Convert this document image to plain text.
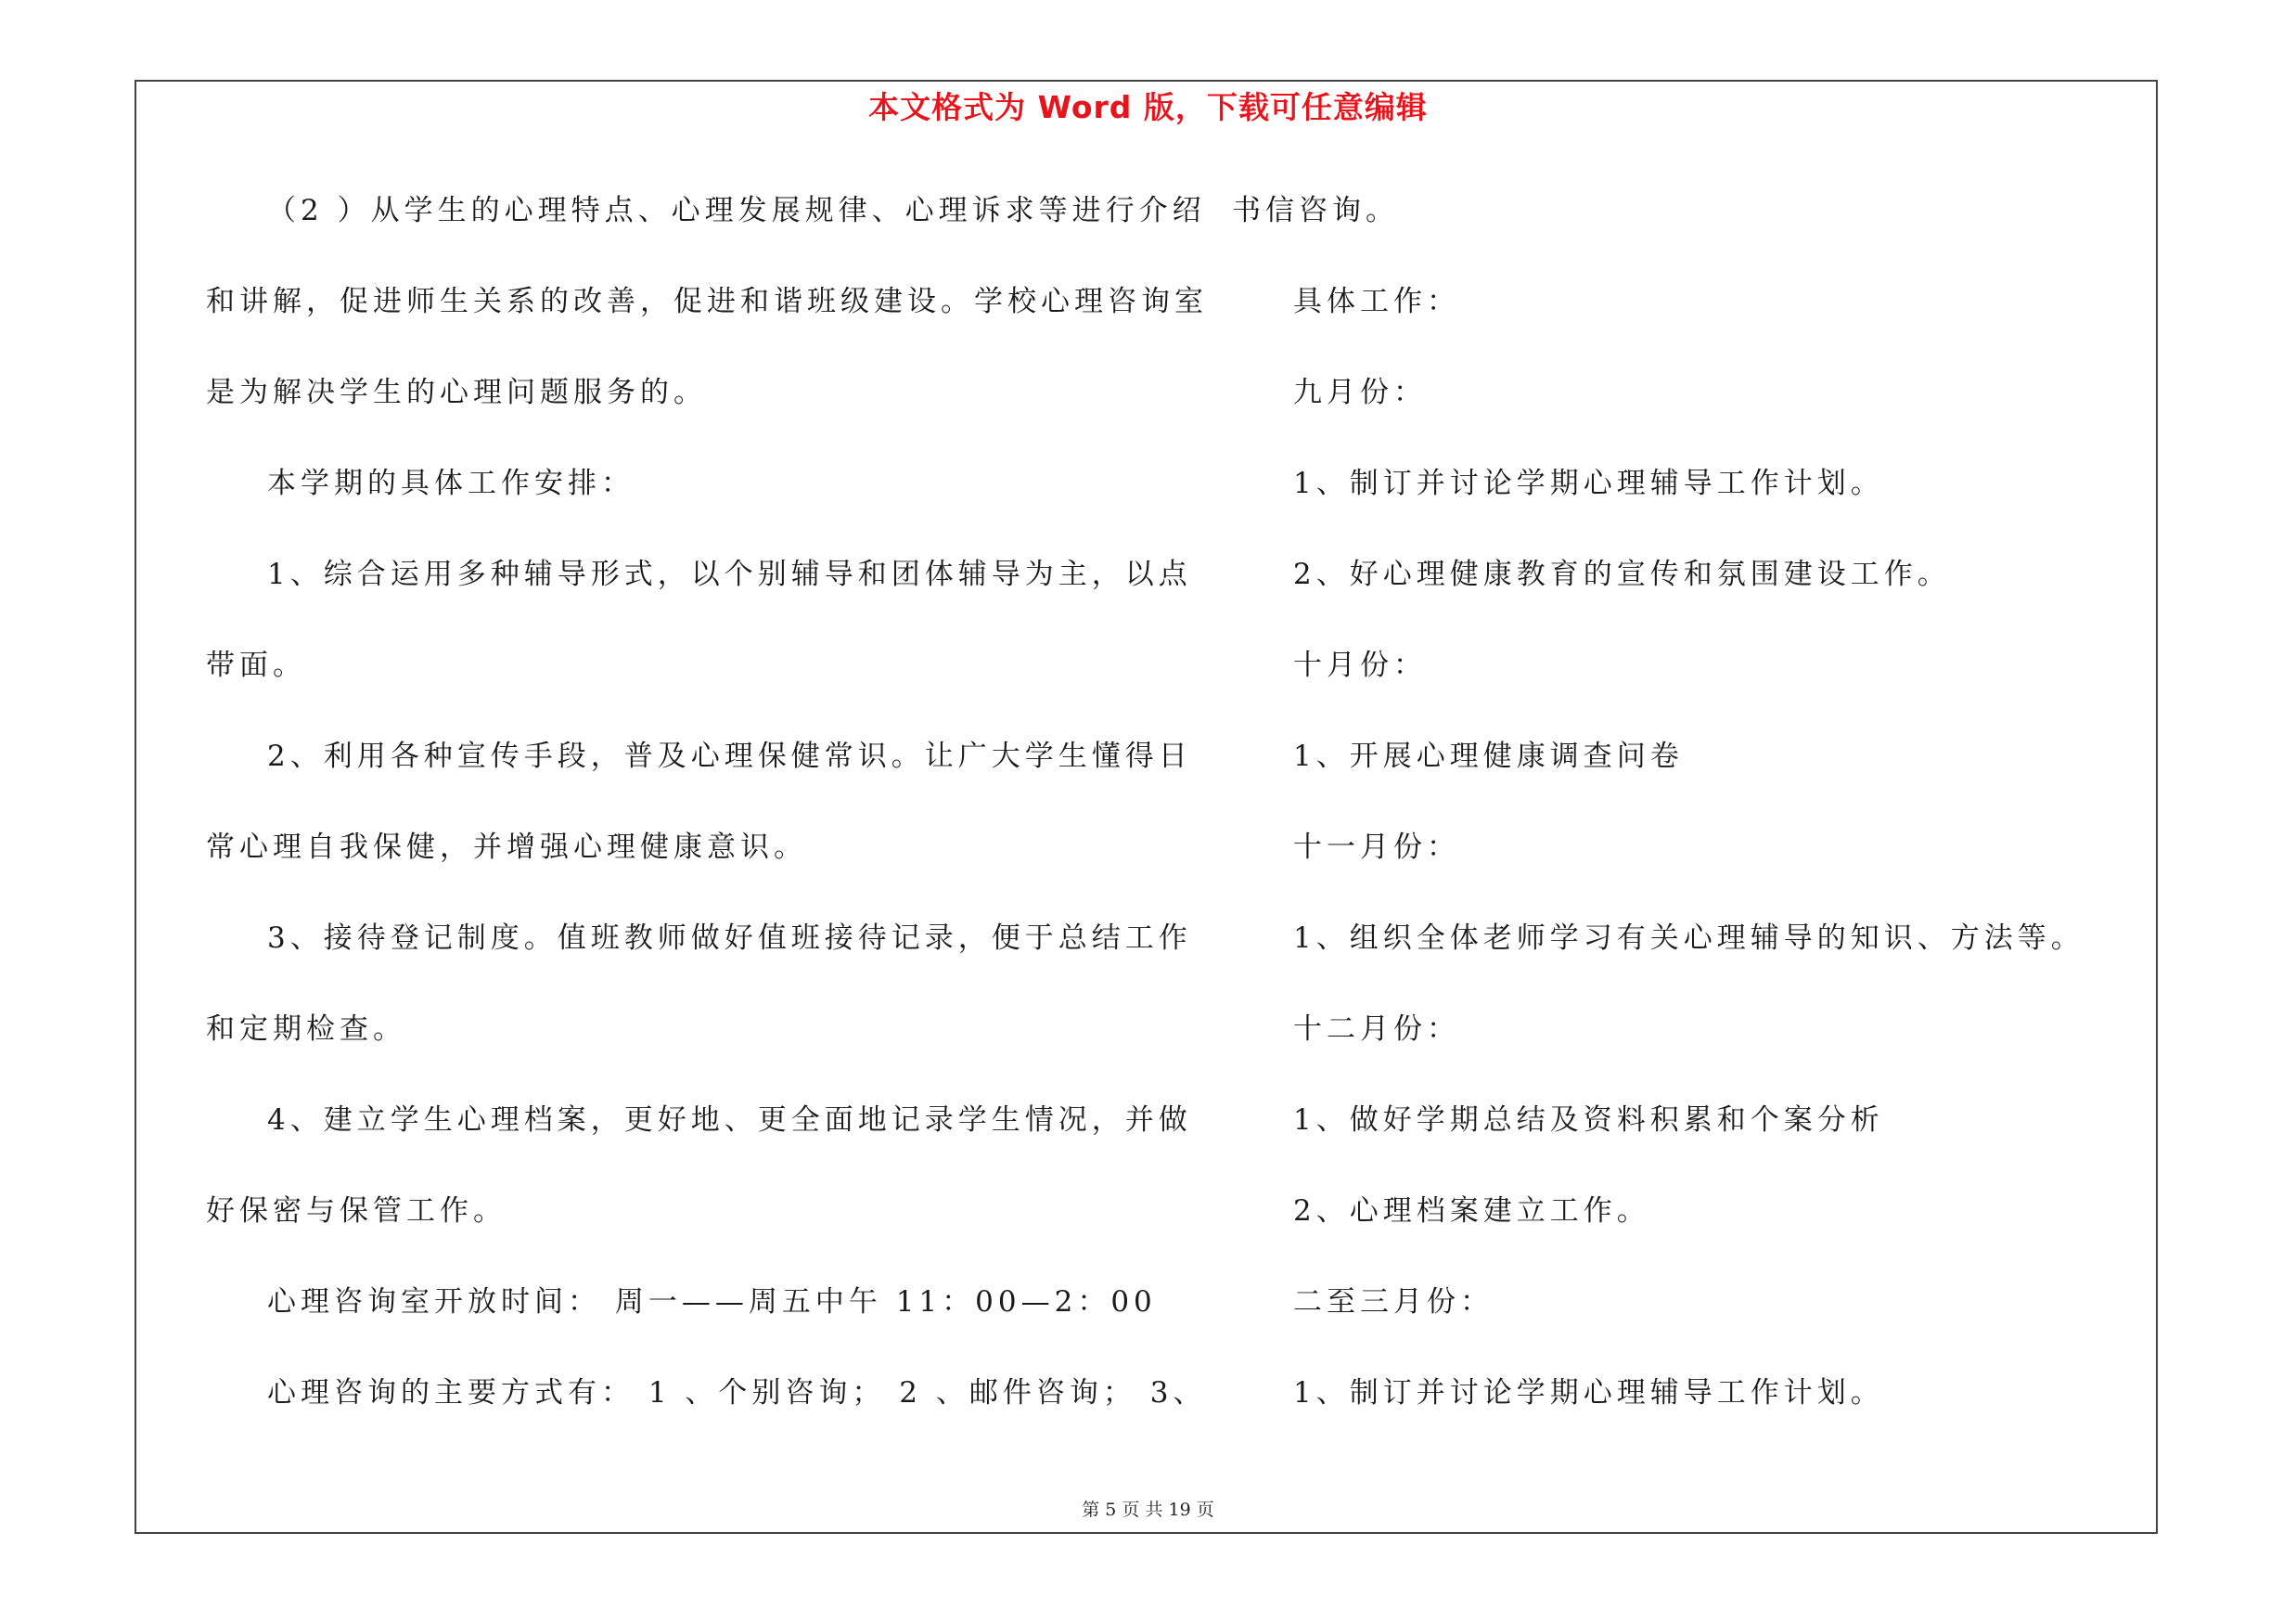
本文格式为 Word 版，下载可任意编辑
（2 ）从学生的心理特点、心理发展规律、心理诉求等进行介绍
和讲解，促进师生关系的改善，促进和谐班级建设。学校心理咨询室
是为解决学生的心理问题服务的。
本学期的具体工作安排：
1、综合运用多种辅导形式，以个别辅导和团体辅导为主，以点
带面。
2、利用各种宣传手段，普及心理保健常识。让广大学生懂得日
常心理自我保健，并增强心理健康意识。
3、接待登记制度。值班教师做好值班接待记录，便于总结工作
和定期检查。
4、建立学生心理档案，更好地、更全面地记录学生情况，并做
好保密与保管工作。
心理咨询室开放时间： 周一——周五中午 11：00—2：00
心理咨询的主要方式有： 1 、个别咨询； 2 、邮件咨询； 3、
书信咨询。
具体工作：
九月份：
1、制订并讨论学期心理辅导工作计划。
2、好心理健康教育的宣传和氛围建设工作。
十月份：
1、开展心理健康调查问卷
十一月份：
1、组织全体老师学习有关心理辅导的知识、方法等。
十二月份：
1、做好学期总结及资料积累和个案分析
2、心理档案建立工作。
二至三月份：
1、制订并讨论学期心理辅导工作计划。
第 5 页 共 19 页
